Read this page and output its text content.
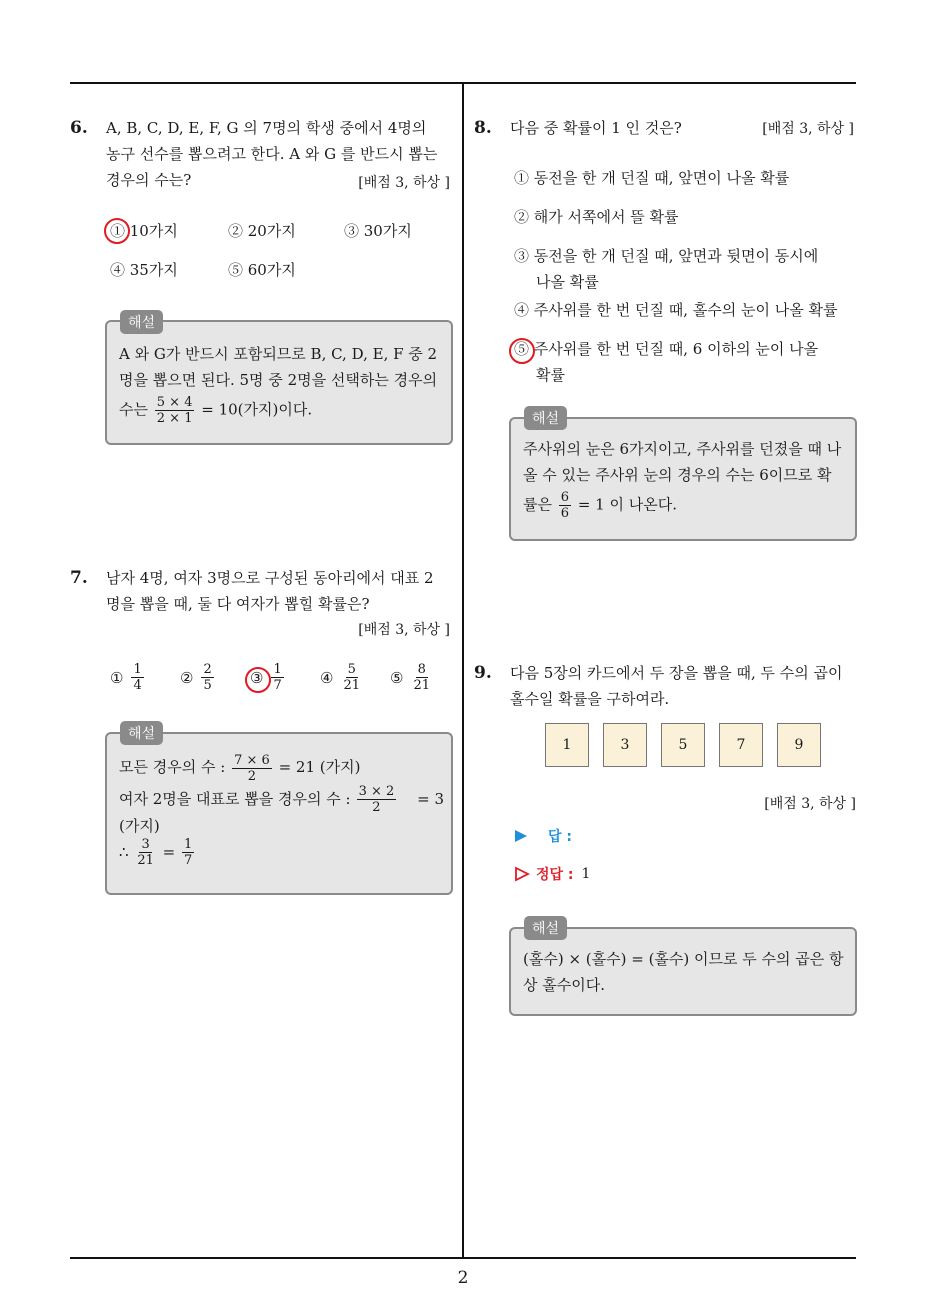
6. A, B, C, D, E, F, G 의 7명의 학생 중에서 4명의
농구 선수를 뽑으려고 한다. A 와 G 를 반드시 뽑는
경우의 수는?	[배점 3, 하상 ]
① 10가지	② 20가지	③ 30가지
④ 35가지	⑤ 60가지
해설
A 와 G가 반드시 포함되므로 B, C, D, E, F 중 2
명을 뽑으면 된다. 5명 중 2명을 선택하는 경우의
수는 $\frac{5 \times 4}{2 \times 1} = 10$(가지)이다.
7. 남자 4명, 여자 3명으로 구성된 동아리에서 대표 2
명을 뽑을 때, 둘 다 여자가 뽑힐 확률은?
[배점 3, 하상 ]
① $\frac{1}{4}$ ② $\frac{2}{5}$ ③ $\frac{1}{7}$ ④ $\frac{5}{21}$ ⑤ $\frac{8}{21}$
해설
모든 경우의 수 : $\frac{7 \times 6}{2} = 21$ (가지)
여자 2명을 대표로 뽑을 경우의 수 : $\frac{3 \times 2}{2} = 3$
(가지)
∴ $\frac{3}{21} = \frac{1}{7}$
8. 다음 중 확률이 1 인 것은?	[배점 3, 하상 ]
① 동전을 한 개 던질 때, 앞면이 나올 확률
② 해가 서쪽에서 뜰 확률
③ 동전을 한 개 던질 때, 앞면과 뒷면이 동시에
나올 확률
④ 주사위를 한 번 던질 때, 홀수의 눈이 나올 확률
⑤ 주사위를 한 번 던질 때, 6 이하의 눈이 나올
확률
해설
주사위의 눈은 6가지이고, 주사위를 던졌을 때 나
올 수 있는 주사위 눈의 경우의 수는 6이므로 확
률은 $\frac{6}{6} = 1$ 이 나온다.
9. 다음 5장의 카드에서 두 장을 뽑을 때, 두 수의 곱이
홀수일 확률을 구하여라.
1	3	5	7	9
[배점 3, 하상 ]
답 :
정답 : 1
해설
(홀수) × (홀수) = (홀수) 이므로 두 수의 곱은 항
상 홀수이다.
2
